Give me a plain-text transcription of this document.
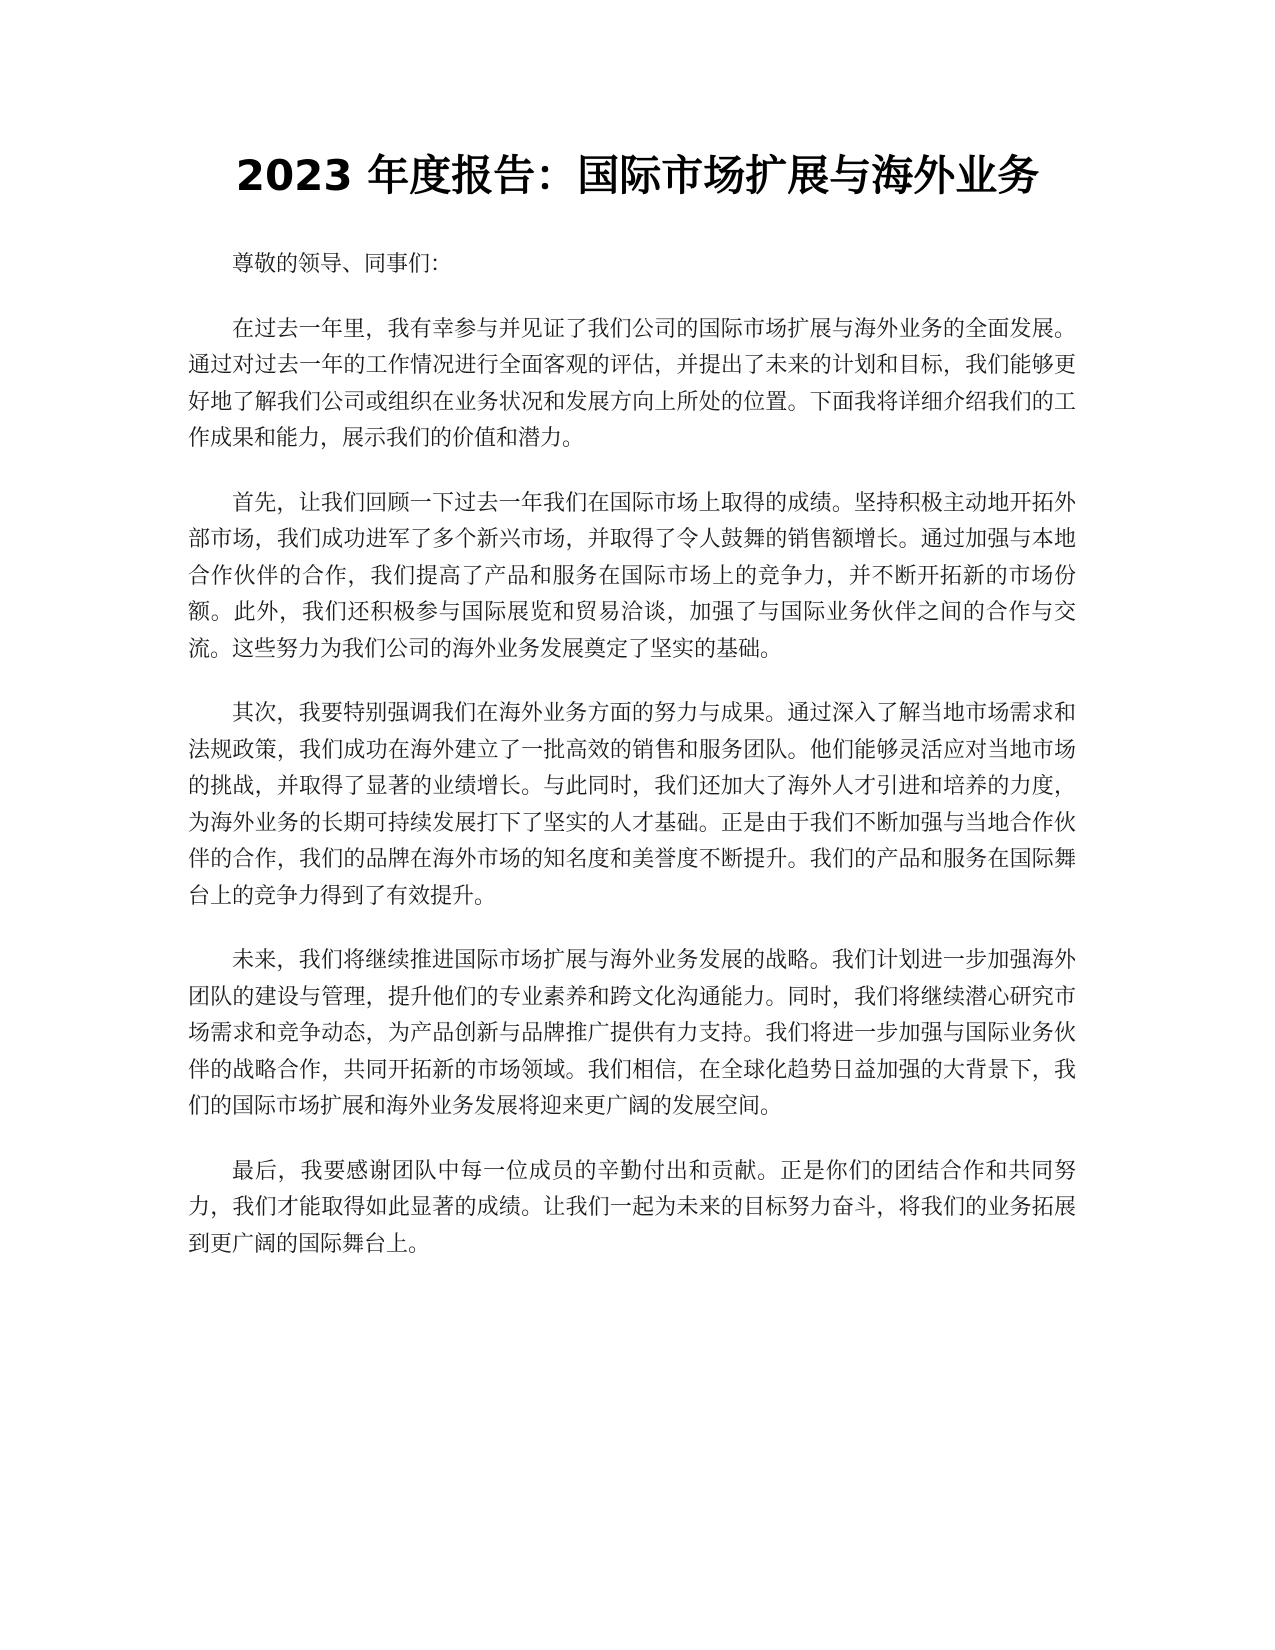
2023 年度报告：国际市场扩展与海外业务

尊敬的领导、同事们：

在过去一年里，我有幸参与并见证了我们公司的国际市场扩展与海外业务的全面发展。通过对过去一年的工作情况进行全面客观的评估，并提出了未来的计划和目标，我们能够更好地了解我们公司或组织在业务状况和发展方向上所处的位置。下面我将详细介绍我们的工作成果和能力，展示我们的价值和潜力。

首先，让我们回顾一下过去一年我们在国际市场上取得的成绩。坚持积极主动地开拓外部市场，我们成功进军了多个新兴市场，并取得了令人鼓舞的销售额增长。通过加强与本地合作伙伴的合作，我们提高了产品和服务在国际市场上的竞争力，并不断开拓新的市场份额。此外，我们还积极参与国际展览和贸易洽谈，加强了与国际业务伙伴之间的合作与交流。这些努力为我们公司的海外业务发展奠定了坚实的基础。

其次，我要特别强调我们在海外业务方面的努力与成果。通过深入了解当地市场需求和法规政策，我们成功在海外建立了一批高效的销售和服务团队。他们能够灵活应对当地市场的挑战，并取得了显著的业绩增长。与此同时，我们还加大了海外人才引进和培养的力度，为海外业务的长期可持续发展打下了坚实的人才基础。正是由于我们不断加强与当地合作伙伴的合作，我们的品牌在海外市场的知名度和美誉度不断提升。我们的产品和服务在国际舞台上的竞争力得到了有效提升。

未来，我们将继续推进国际市场扩展与海外业务发展的战略。我们计划进一步加强海外团队的建设与管理，提升他们的专业素养和跨文化沟通能力。同时，我们将继续潜心研究市场需求和竞争动态，为产品创新与品牌推广提供有力支持。我们将进一步加强与国际业务伙伴的战略合作，共同开拓新的市场领域。我们相信，在全球化趋势日益加强的大背景下，我们的国际市场扩展和海外业务发展将迎来更广阔的发展空间。

最后，我要感谢团队中每一位成员的辛勤付出和贡献。正是你们的团结合作和共同努力，我们才能取得如此显著的成绩。让我们一起为未来的目标努力奋斗，将我们的业务拓展到更广阔的国际舞台上。
